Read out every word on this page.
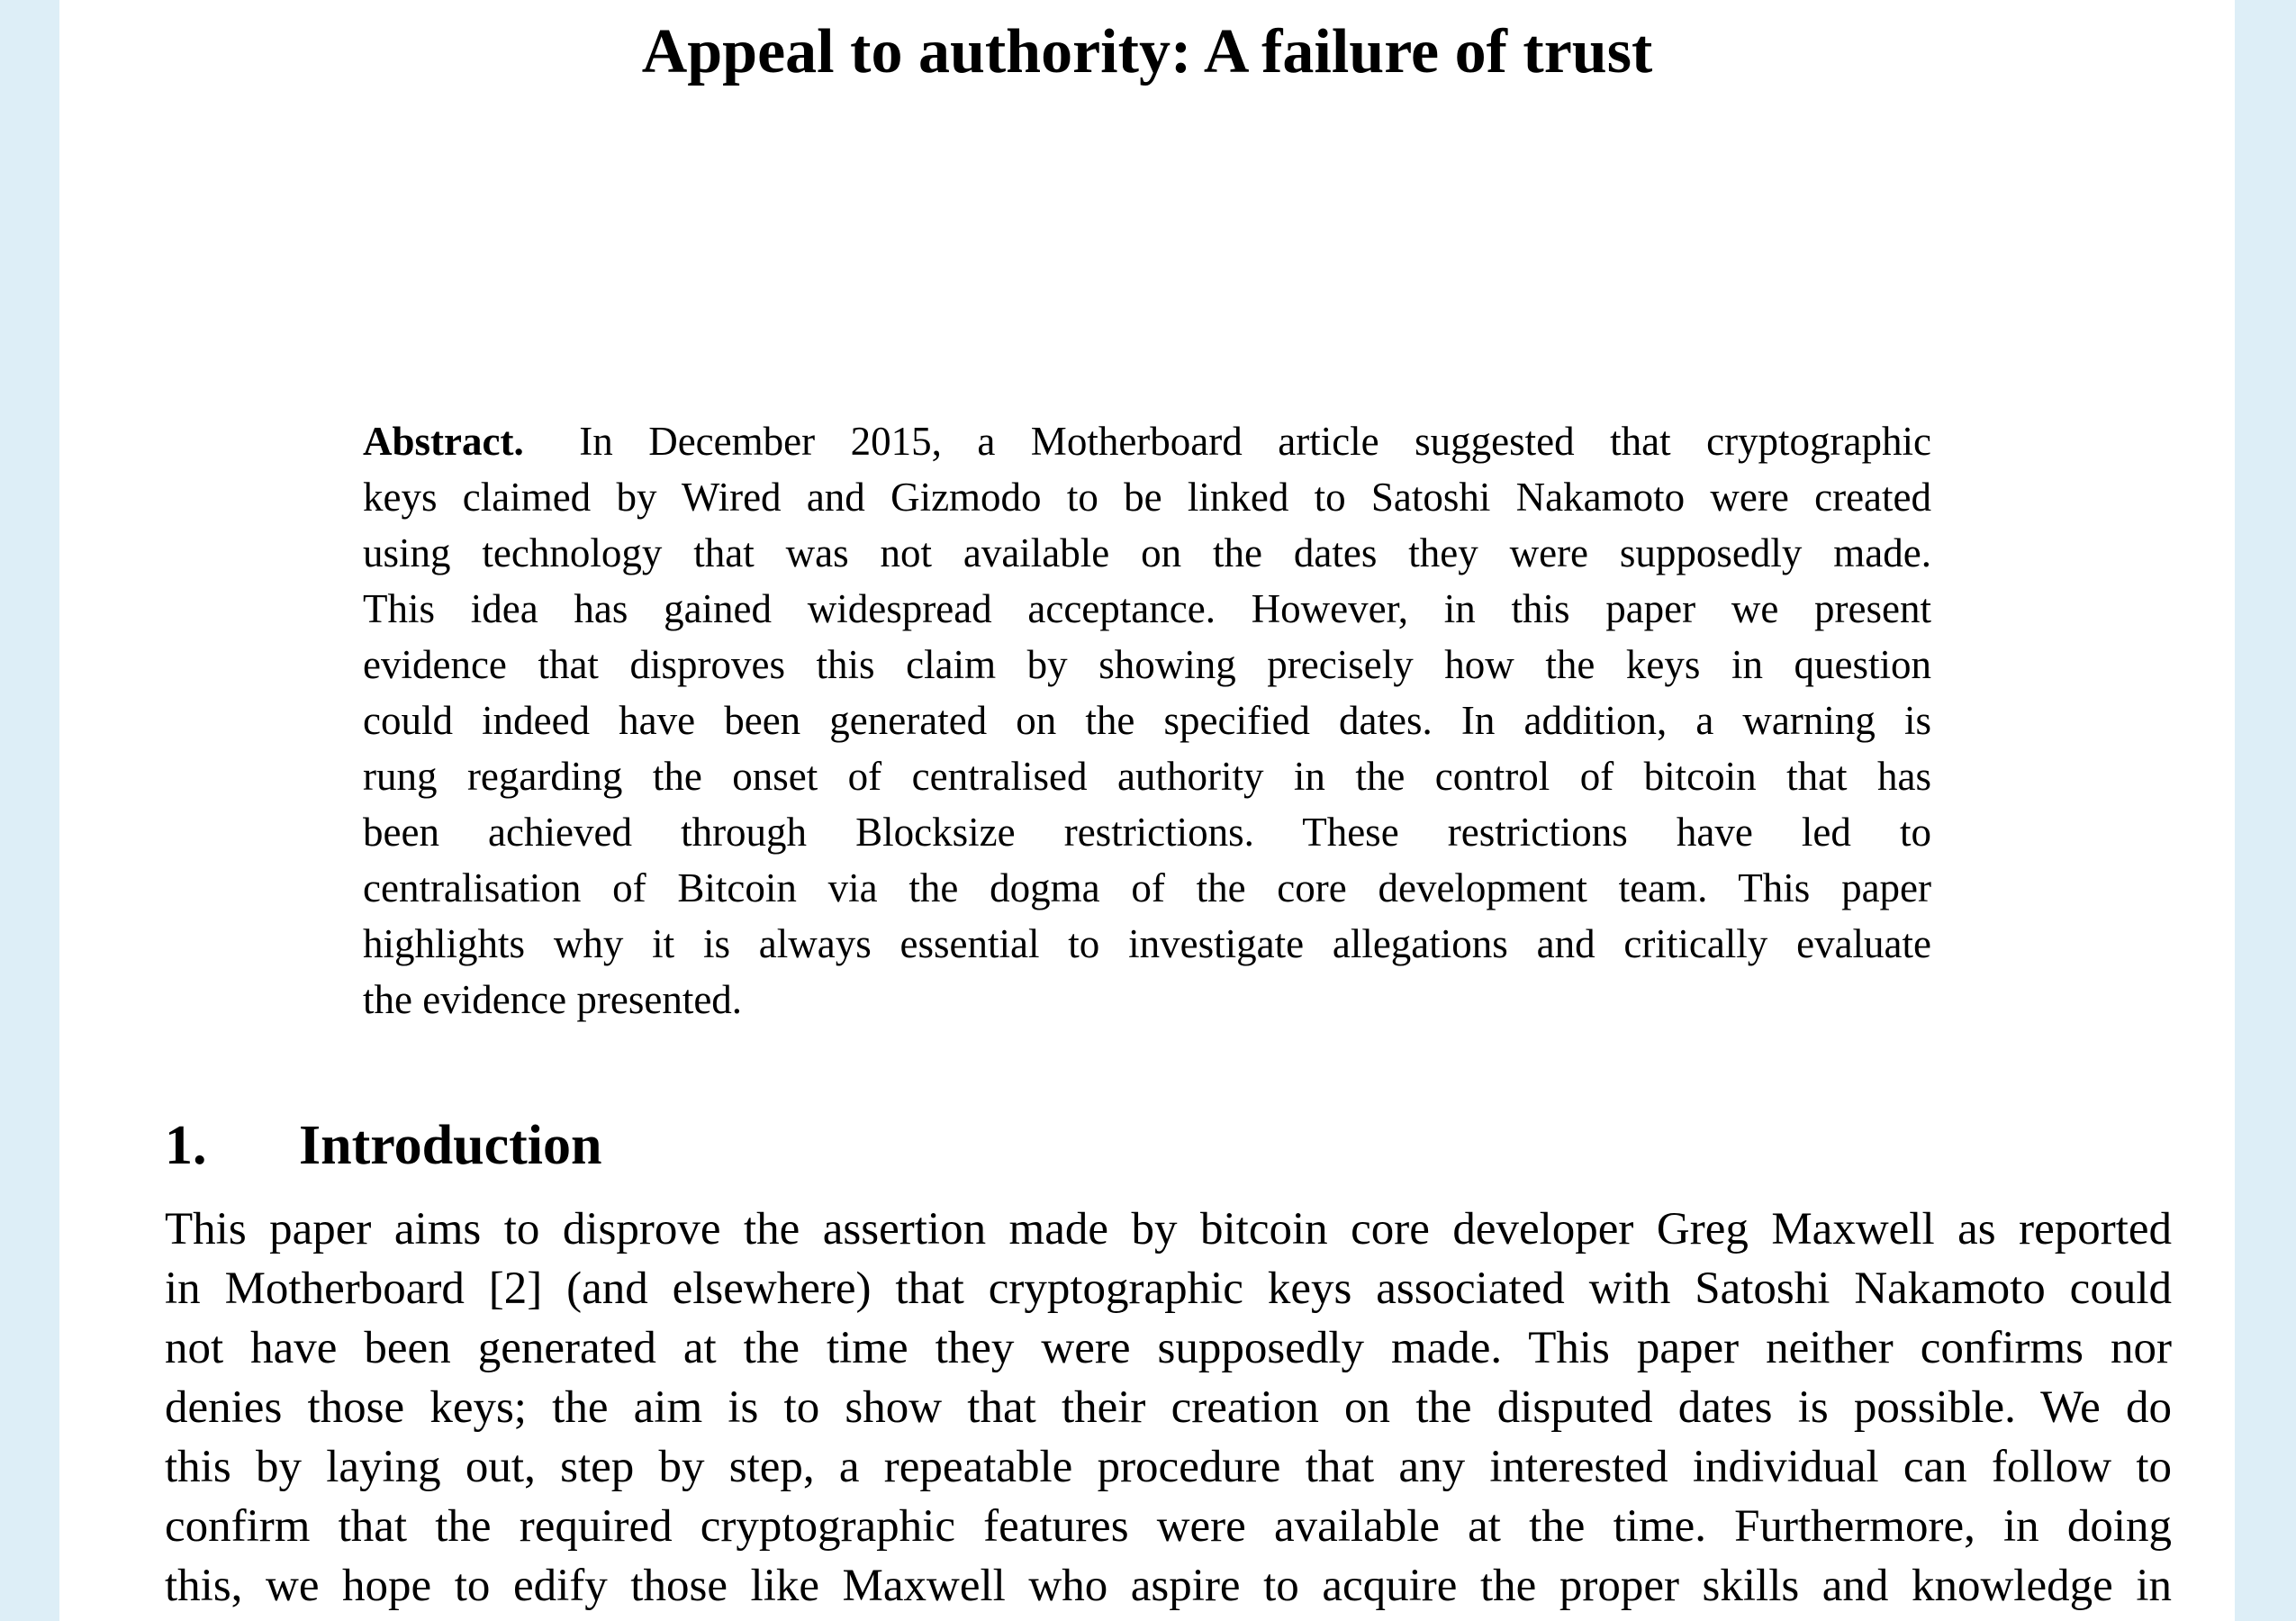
Appeal to authority: A failure of trust
Abstract. In December 2015, a Motherboard article suggested that cryptographic
keys claimed by Wired and Gizmodo to be linked to Satoshi Nakamoto were created
using technology that was not available on the dates they were supposedly made.
This idea has gained widespread acceptance. However, in this paper we present
evidence that disproves this claim by showing precisely how the keys in question
could indeed have been generated on the specified dates. In addition, a warning is
rung regarding the onset of centralised authority in the control of bitcoin that has
been achieved through Blocksize restrictions. These restrictions have led to
centralisation of Bitcoin via the dogma of the core development team. This paper
highlights why it is always essential to investigate allegations and critically evaluate
the evidence presented.
1. Introduction
This paper aims to disprove the assertion made by bitcoin core developer Greg Maxwell as reported
in Motherboard [2] (and elsewhere) that cryptographic keys associated with Satoshi Nakamoto could
not have been generated at the time they were supposedly made. This paper neither confirms nor
denies those keys; the aim is to show that their creation on the disputed dates is possible. We do
this by laying out, step by step, a repeatable procedure that any interested individual can follow to
confirm that the required cryptographic features were available at the time. Furthermore, in doing
this, we hope to edify those like Maxwell who aspire to acquire the proper skills and knowledge in
